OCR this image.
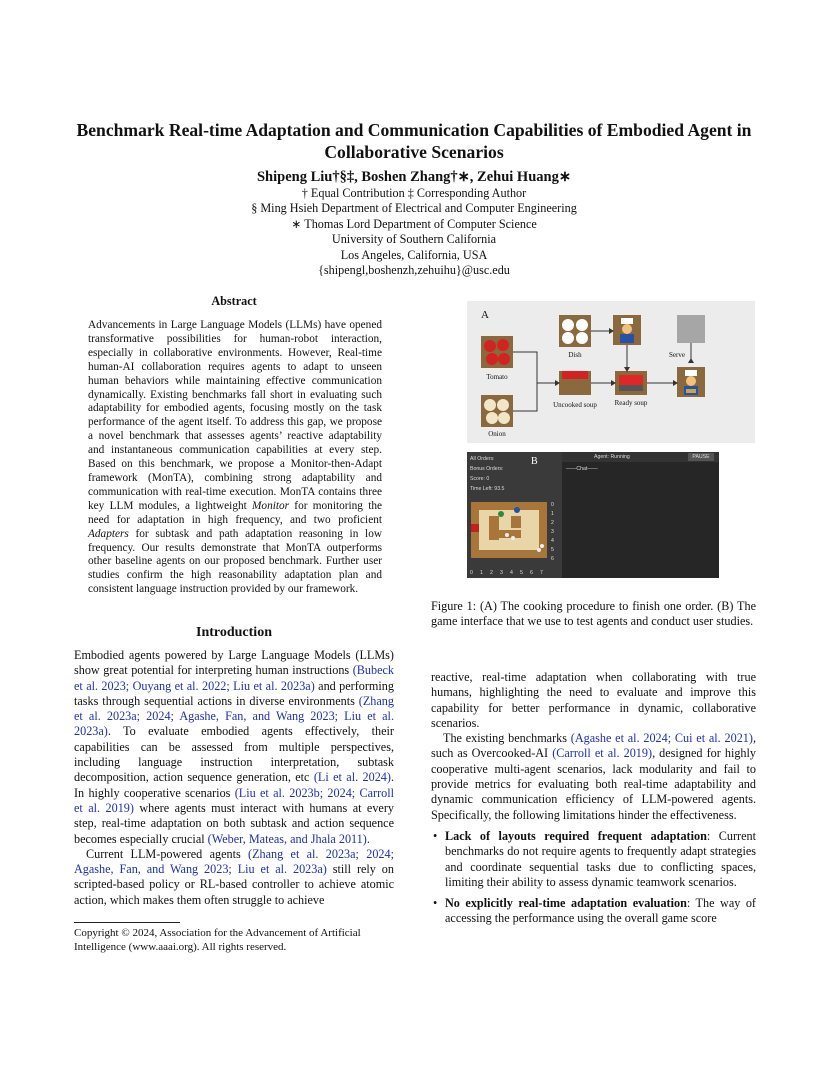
Benchmark Real-time Adaptation and Communication Capabilities of Embodied Agent in Collaborative Scenarios
Shipeng Liu†§‡, Boshen Zhang†∗, Zehui Huang∗
† Equal Contribution ‡ Corresponding Author
§ Ming Hsieh Department of Electrical and Computer Engineering
∗ Thomas Lord Department of Computer Science
University of Southern California
Los Angeles, California, USA
{shipengl,boshenzh,zehuihu}@usc.edu
Abstract
Advancements in Large Language Models (LLMs) have opened transformative possibilities for human-robot interaction, especially in collaborative environments. However, Real-time human-AI collaboration requires agents to adapt to unseen human behaviors while maintaining effective communication dynamically. Existing benchmarks fall short in evaluating such adaptability for embodied agents, focusing mostly on the task performance of the agent itself. To address this gap, we propose a novel benchmark that assesses agents’ reactive adaptability and instantaneous communication capabilities at every step. Based on this benchmark, we propose a Monitor-then-Adapt framework (MonTA), combining strong adaptability and communication with real-time execution. MonTA contains three key LLM modules, a lightweight Monitor for monitoring the need for adaptation in high frequency, and two proficient Adapters for subtask and path adaptation reasoning in low frequency. Our results demonstrate that MonTA outperforms other baseline agents on our proposed benchmark. Further user studies confirm the high reasonability adaptation plan and consistent language instruction provided by our framework.
Introduction

Embodied agents powered by Large Language Models (LLMs) show great potential for interpreting human instructions (Bubeck et al. 2023; Ouyang et al. 2022; Liu et al. 2023a) and performing tasks through sequential actions in diverse environments (Zhang et al. 2023a; 2024; Agashe, Fan, and Wang 2023; Liu et al. 2023a). To evaluate embodied agents effectively, their capabilities can be assessed from multiple perspectives, including language instruction interpretation, subtask decomposition, action sequence generation, etc (Li et al. 2024). In highly cooperative scenarios (Liu et al. 2023b; 2024; Carroll et al. 2019) where agents must interact with humans at every step, real-time adaptation on both subtask and action sequence becomes especially crucial (Weber, Mateas, and Jhala 2011).

Current LLM-powered agents (Zhang et al. 2023a; 2024; Agashe, Fan, and Wang 2023; Liu et al. 2023a) still rely on scripted-based policy or RL-based controller to achieve atomic action, which makes them often struggle to achieve

Copyright © 2024, Association for the Advancement of Artificial Intelligence (www.aaai.org). All rights reserved.
A
Tomato
Onion
Dish	Serve
Uncooked soup	Ready soup
All Orders:
Bonus Orders:
Score: 0
Time Left: 93.5
B	Agent: Running	PAUSE
——Chat——
0 1 2 3 4 5 6 7
0
1
2
3
4
5
6
Figure 1: (A) The cooking procedure to finish one order. (B) The game interface that we use to test agents and conduct user studies.

reactive, real-time adaptation when collaborating with true humans, highlighting the need to evaluate and improve this capability for better performance in dynamic, collaborative scenarios.

The existing benchmarks (Agashe et al. 2024; Cui et al. 2021), such as Overcooked-AI (Carroll et al. 2019), designed for highly cooperative multi-agent scenarios, lack modularity and fail to provide metrics for evaluating both real-time adaptability and dynamic communication efficiency of LLM-powered agents. Specifically, the following limitations hinder the effectiveness.

• Lack of layouts required frequent adaptation: Current benchmarks do not require agents to frequently adapt strategies and coordinate sequential tasks due to conflicting spaces, limiting their ability to assess dynamic teamwork scenarios.
• No explicitly real-time adaptation evaluation: The way of accessing the performance using the overall game score
